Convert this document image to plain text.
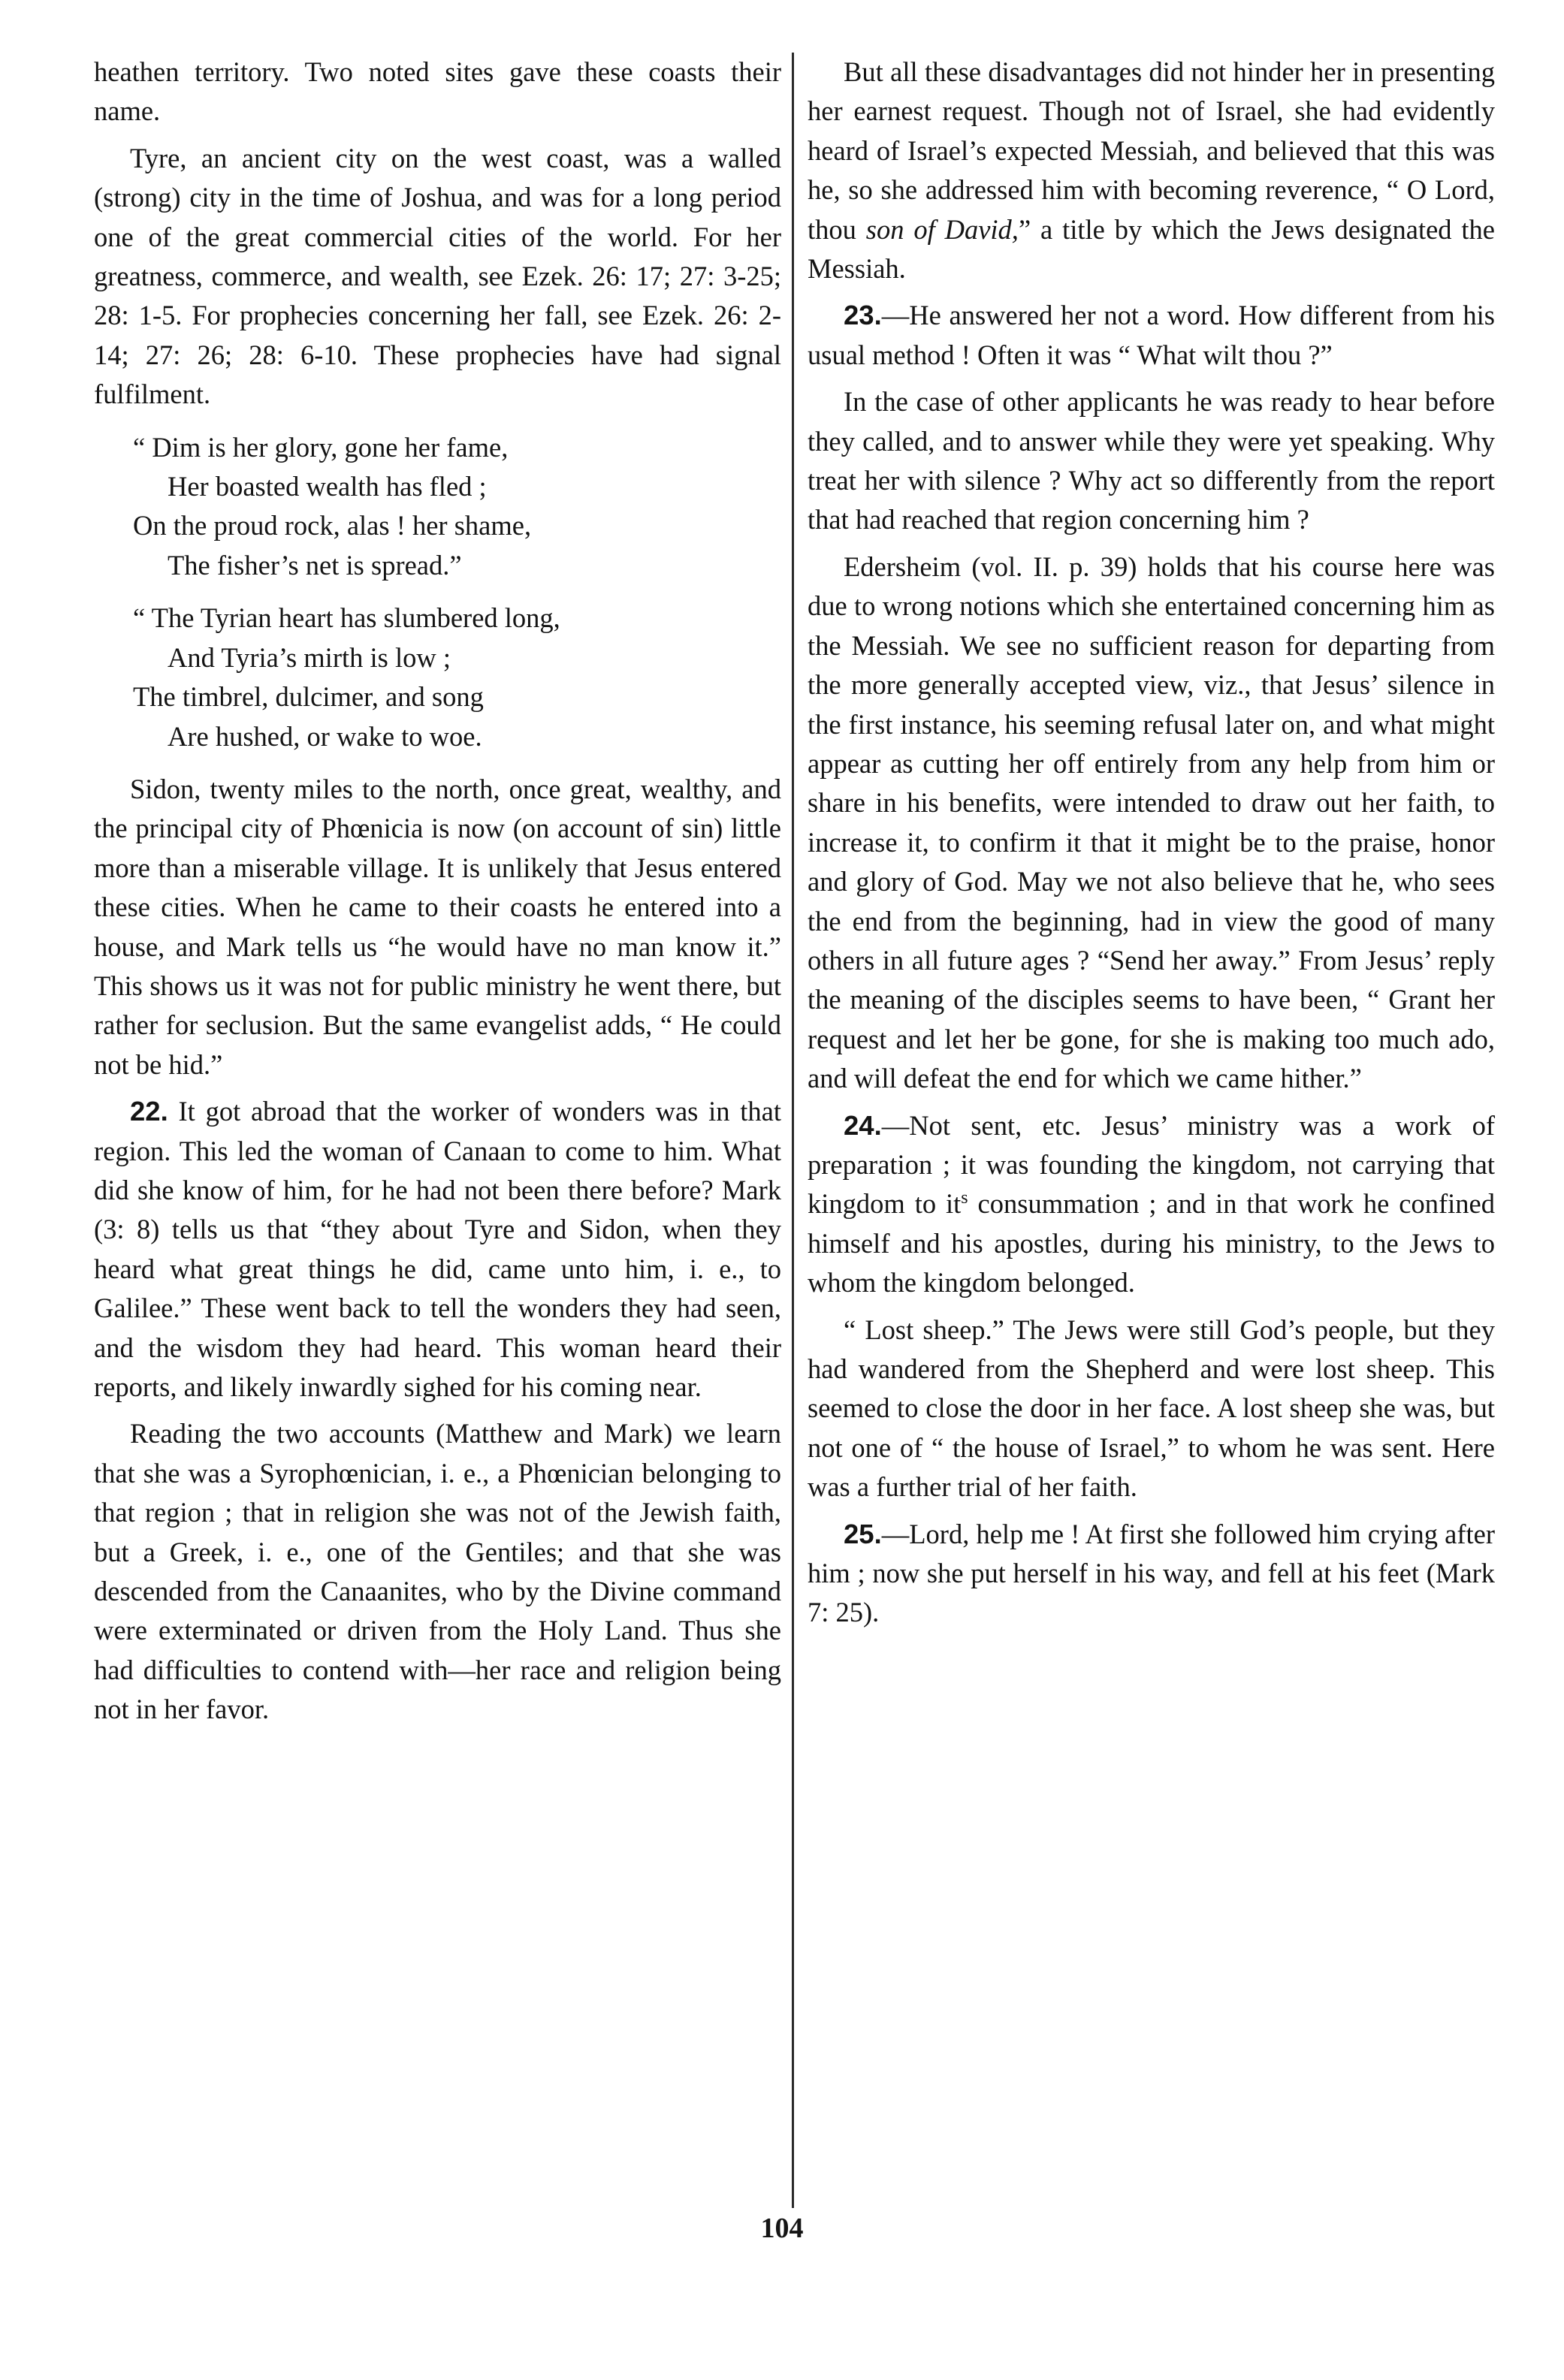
heathen territory. Two noted sites gave these coasts their name.

Tyre, an ancient city on the west coast, was a walled (strong) city in the time of Joshua, and was for a long period one of the great commercial cities of the world. For her greatness, commerce, and wealth, see Ezek. 26: 17; 27: 3-25; 28: 1-5. For prophecies concerning her fall, see Ezek. 26: 2-14; 27: 26; 28: 6-10. These prophecies have had signal fulfilment.

“ Dim is her glory, gone her fame,
Her boasted wealth has fled ;
On the proud rock, alas ! her shame,
The fisher’s net is spread.”
“ The Tyrian heart has slumbered long,
And Tyria’s mirth is low ;
The timbrel, dulcimer, and song
Are hushed, or wake to woe.

Sidon, twenty miles to the north, once great, wealthy, and the principal city of Phœnicia is now (on account of sin) little more than a miserable village. It is unlikely that Jesus entered these cities. When he came to their coasts he entered into a house, and Mark tells us “he would have no man know it.” This shows us it was not for public ministry he went there, but rather for seclusion. But the same evangelist adds, “ He could not be hid.”

22. It got abroad that the worker of wonders was in that region. This led the woman of Canaan to come to him. What did she know of him, for he had not been there before? Mark (3: 8) tells us that “they about Tyre and Sidon, when they heard what great things he did, came unto him, i. e., to Galilee.” These went back to tell the wonders they had seen, and the wisdom they had heard. This woman heard their reports, and likely inwardly sighed for his coming near.

Reading the two accounts (Matthew and Mark) we learn that she was a Syrophœnician, i. e., a Phœnician belonging to that region ; that in religion she was not of the Jewish faith, but a Greek, i. e., one of the Gentiles; and that she was descended from the Canaanites, who by the Divine command were exterminated or driven from the Holy Land. Thus she had difficulties to contend with—her race and religion being not in her favor.

But all these disadvantages did not hinder her in presenting her earnest request. Though not of Israel, she had evidently heard of Israel’s expected Messiah, and believed that this was he, so she addressed him with becoming reverence, “ O Lord, thou son of David,” a title by which the Jews designated the Messiah.

23.—He answered her not a word. How different from his usual method ! Often it was “ What wilt thou ?”

In the case of other applicants he was ready to hear before they called, and to answer while they were yet speaking. Why treat her with silence ? Why act so differently from the report that had reached that region concerning him ?

Edersheim (vol. II. p. 39) holds that his course here was due to wrong notions which she entertained concerning him as the Messiah. We see no sufficient reason for departing from the more generally accepted view, viz., that Jesus’ silence in the first instance, his seeming refusal later on, and what might appear as cutting her off entirely from any help from him or share in his benefits, were intended to draw out her faith, to increase it, to confirm it that it might be to the praise, honor and glory of God. May we not also believe that he, who sees the end from the beginning, had in view the good of many others in all future ages ? “Send her away.” From Jesus’ reply the meaning of the disciples seems to have been, “ Grant her request and let her be gone, for she is making too much ado, and will defeat the end for which we came hither.”

24.—Not sent, etc. Jesus’ ministry was a work of preparation ; it was founding the kingdom, not carrying that kingdom to $it^s$ consummation ; and in that work he confined himself and his apostles, during his ministry, to the Jews to whom the kingdom belonged.

“ Lost sheep.” The Jews were still God’s people, but they had wandered from the Shepherd and were lost sheep. This seemed to close the door in her face. A lost sheep she was, but not one of “ the house of Israel,” to whom he was sent. Here was a further trial of her faith.

25.—Lord, help me ! At first she followed him crying after him ; now she put herself in his way, and fell at his feet (Mark 7: 25).

104
